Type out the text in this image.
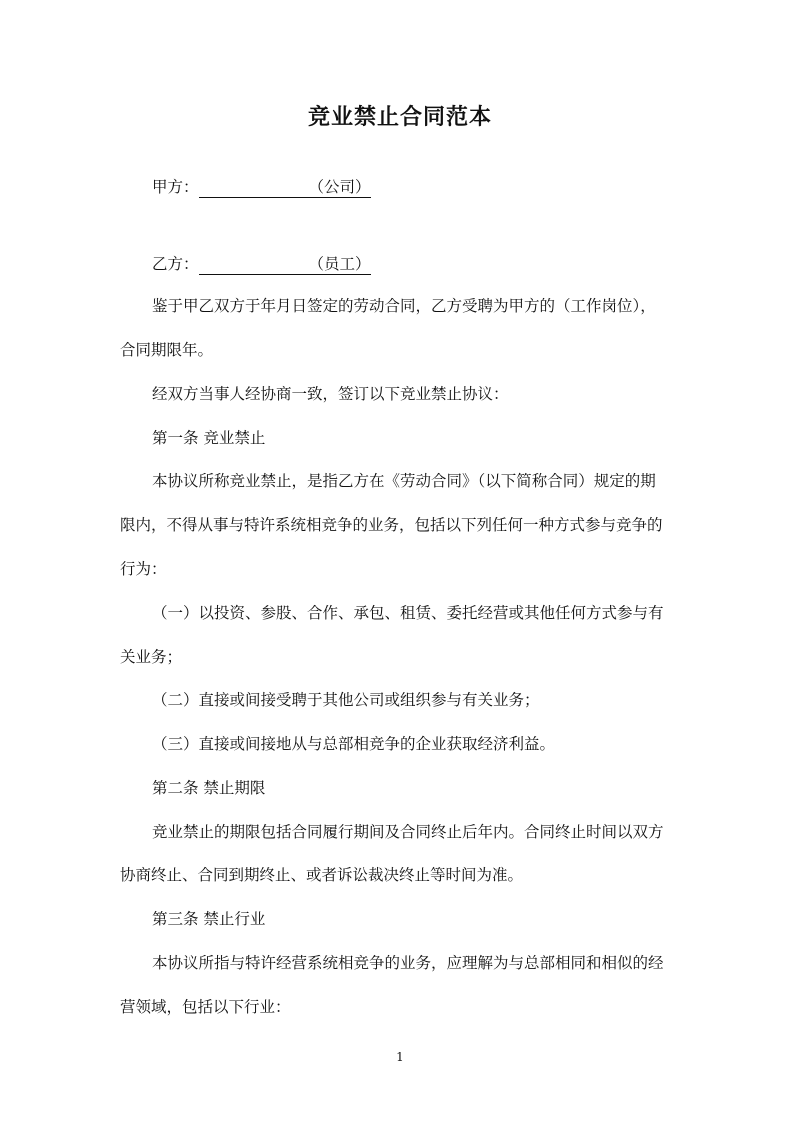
竞业禁止合同范本
甲方：	（公司）
乙方：	（员工）
鉴于甲乙双方于年月日签定的劳动合同，乙方受聘为甲方的（工作岗位），
合同期限年。
经双方当事人经协商一致，签订以下竞业禁止协议：
第一条 竞业禁止
本协议所称竞业禁止，是指乙方在《劳动合同》（以下简称合同）规定的期
限内，不得从事与特许系统相竞争的业务，包括以下列任何一种方式参与竞争的
行为：
（一）以投资、参股、合作、承包、租赁、委托经营或其他任何方式参与有
关业务；
（二）直接或间接受聘于其他公司或组织参与有关业务；
（三）直接或间接地从与总部相竞争的企业获取经济利益。
第二条 禁止期限
竞业禁止的期限包括合同履行期间及合同终止后年内。合同终止时间以双方
协商终止、合同到期终止、或者诉讼裁决终止等时间为准。
第三条 禁止行业
本协议所指与特许经营系统相竞争的业务，应理解为与总部相同和相似的经
营领域，包括以下行业：
1
